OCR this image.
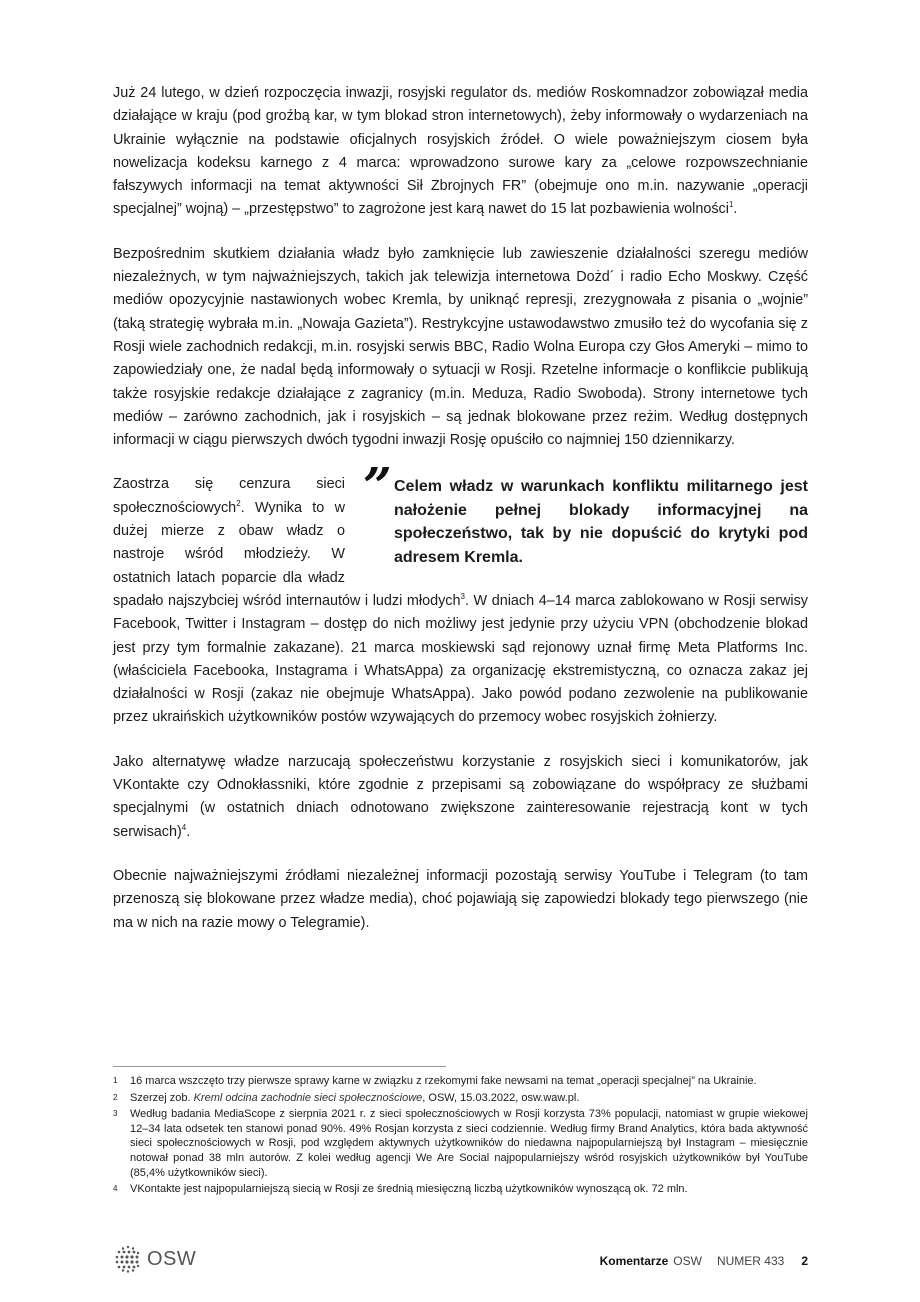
Już 24 lutego, w dzień rozpoczęcia inwazji, rosyjski regulator ds. mediów Roskomnadzor zobowiązał media działające w kraju (pod groźbą kar, w tym blokad stron internetowych), żeby informowały o wydarzeniach na Ukrainie wyłącznie na podstawie oficjalnych rosyjskich źródeł. O wiele poważniejszym ciosem była nowelizacja kodeksu karnego z 4 marca: wprowadzono surowe kary za „celowe rozpowszechnianie fałszywych informacji na temat aktywności Sił Zbrojnych FR” (obejmuje ono m.in. nazywanie „operacji specjalnej” wojną) – „przestępstwo” to zagrożone jest karą nawet do 15 lat pozbawienia wolności$^1$.

Bezpośrednim skutkiem działania władz było zamknięcie lub zawieszenie działalności szeregu mediów niezależnych, w tym najważniejszych, takich jak telewizja internetowa Dożd´ i radio Echo Moskwy. Część mediów opozycyjnie nastawionych wobec Kremla, by uniknąć represji, zrezygnowała z pisania o „wojnie” (taką strategię wybrała m.in. „Nowaja Gazieta”). Restrykcyjne ustawodawstwo zmusiło też do wycofania się z Rosji wiele zachodnich redakcji, m.in. rosyjski serwis BBC, Radio Wolna Europa czy Głos Ameryki – mimo to zapowiedziały one, że nadal będą informowały o sytuacji w Rosji. Rzetelne informacje o konflikcie publikują także rosyjskie redakcje działające z zagranicy (m.in. Meduza, Radio Swoboda). Strony internetowe tych mediów – zarówno zachodnich, jak i rosyjskich – są jednak blokowane przez reżim. Według dostępnych informacji w ciągu pierwszych dwóch tygodni inwazji Rosję opuściło co najmniej 150 dziennikarzy.

” Celem władz w warunkach konfliktu militarnego jest nałożenie pełnej blokady informacyjnej na społeczeństwo, tak by nie dopuścić do krytyki pod adresem Kremla.
Zaostrza się cenzura sieci społecznościowych$^2$. Wynika to w dużej mierze z obaw władz o nastroje wśród młodzieży. W ostatnich latach poparcie dla władz spadało najszybciej wśród internautów i ludzi młodych$^3$. W dniach 4–14 marca zablokowano w Rosji serwisy Facebook, Twitter i Instagram – dostęp do nich możliwy jest jedynie przy użyciu VPN (obchodzenie blokad jest przy tym formalnie zakazane). 21 marca moskiewski sąd rejonowy uznał firmę Meta Platforms Inc. (właściciela Facebooka, Instagrama i WhatsAppa) za organizację ekstremistyczną, co oznacza zakaz jej działalności w Rosji (zakaz nie obejmuje WhatsAppa). Jako powód podano zezwolenie na publikowanie przez ukraińskich użytkowników postów wzywających do przemocy wobec rosyjskich żołnierzy.

Jako alternatywę władze narzucają społeczeństwu korzystanie z rosyjskich sieci i komunikatorów, jak VKontakte czy Odnokłassniki, które zgodnie z przepisami są zobowiązane do współpracy ze służbami specjalnymi (w ostatnich dniach odnotowano zwiększone zainteresowanie rejestracją kont w tych serwisach)$^4$.

Obecnie najważniejszymi źródłami niezależnej informacji pozostają serwisy YouTube i Telegram (to tam przenoszą się blokowane przez władze media), choć pojawiają się zapowiedzi blokady tego pierwszego (nie ma w nich na razie mowy o Telegramie).

1	16 marca wszczęto trzy pierwsze sprawy karne w związku z rzekomymi fake newsami na temat „operacji specjalnej” na Ukrainie.
2	Szerzej zob. Kreml odcina zachodnie sieci społecznościowe, OSW, 15.03.2022, osw.waw.pl.
3	Według badania MediaScope z sierpnia 2021 r. z sieci społecznościowych w Rosji korzysta 73% populacji, natomiast w grupie wiekowej 12–34 lata odsetek ten stanowi ponad 90%. 49% Rosjan korzysta z sieci codziennie. Według firmy Brand Analytics, która bada aktywność sieci społecznościowych w Rosji, pod względem aktywnych użytkowników do niedawna najpopularniejszą był Instagram – miesięcznie notował ponad 38 mln autorów. Z kolei według agencji We Are Social najpopularniejszy wśród rosyjskich użytkowników był YouTube (85,4% użytkowników sieci).
4	VKontakte jest najpopularniejszą siecią w Rosji ze średnią miesięczną liczbą użytkowników wynoszącą ok. 72 mln.
OSW	Komentarze OSW NUMER 433 2
